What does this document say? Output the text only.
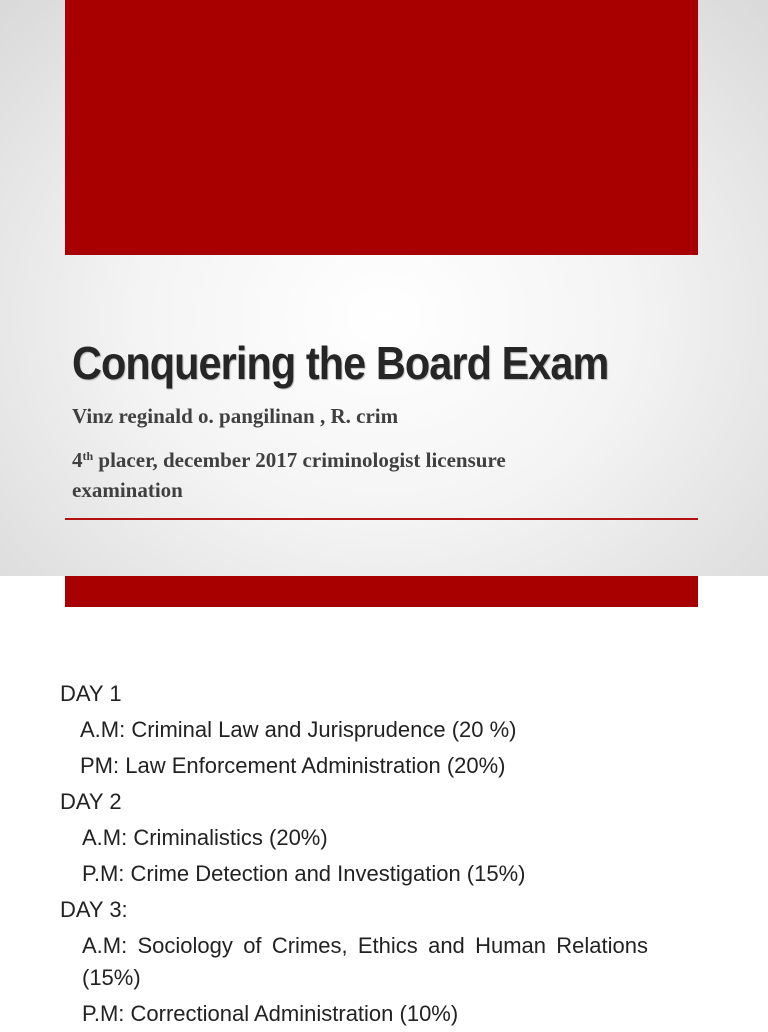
Conquering the Board Exam
Vinz reginald o. pangilinan , R. crim
4th placer, december 2017 criminologist licensure
examination

DAY 1

A.M: Criminal Law and Jurisprudence (20 %)

PM: Law Enforcement Administration (20%)

DAY 2

A.M: Criminalistics (20%)

P.M: Crime Detection and Investigation (15%)

DAY 3:

A.M: Sociology of Crimes, Ethics and Human Relations (15%)

P.M: Correctional Administration (10%)
